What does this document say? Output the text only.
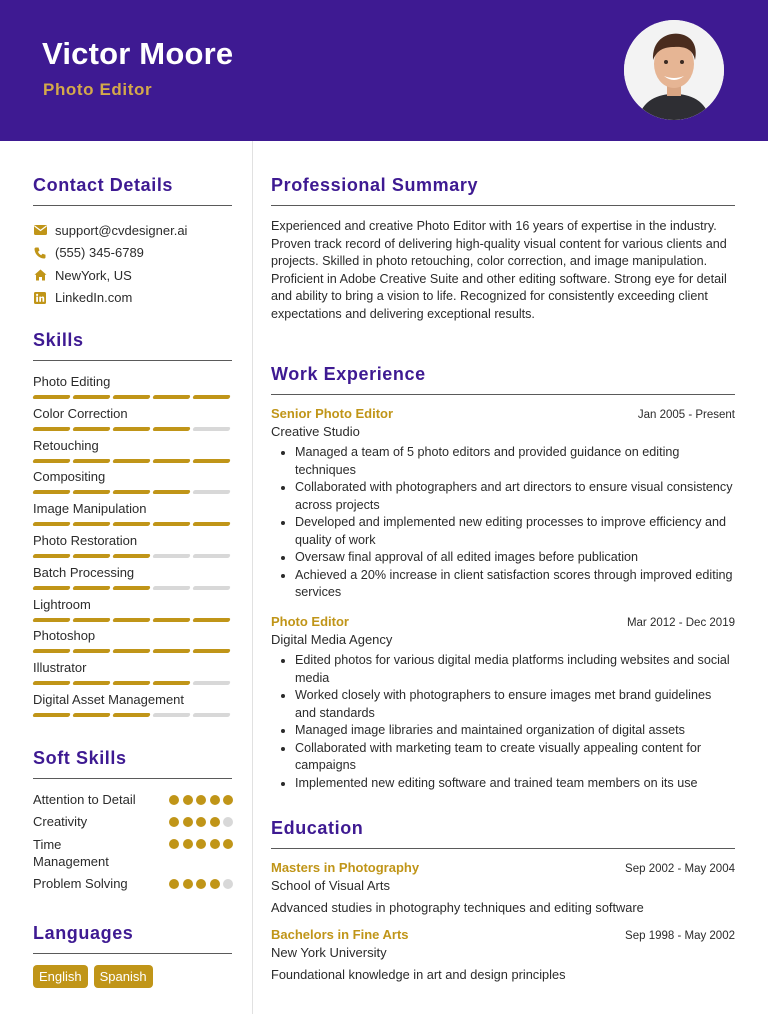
Victor Moore
Photo Editor
Contact Details
support@cvdesigner.ai
(555) 345-6789
NewYork, US
LinkedIn.com
Skills
Photo Editing
Color Correction
Retouching
Compositing
Image Manipulation
Photo Restoration
Batch Processing
Lightroom
Photoshop
Illustrator
Digital Asset Management
Soft Skills
Attention to Detail
Creativity
Time Management
Problem Solving
Languages
English	Spanish
Professional Summary

Experienced and creative Photo Editor with 16 years of expertise in the industry. Proven track record of delivering high-quality visual content for various clients and projects. Skilled in photo retouching, color correction, and image manipulation. Proficient in Adobe Creative Suite and other editing software. Strong eye for detail and ability to bring a vision to life. Recognized for consistently exceeding client expectations and delivering exceptional results.

Work Experience
Senior Photo Editor	Jan 2005 - Present
Creative Studio
• Managed a team of 5 photo editors and provided guidance on editing techniques
• Collaborated with photographers and art directors to ensure visual consistency across projects
• Developed and implemented new editing processes to improve efficiency and quality of work
• Oversaw final approval of all edited images before publication
• Achieved a 20% increase in client satisfaction scores through improved editing services
Photo Editor	Mar 2012 - Dec 2019
Digital Media Agency
• Edited photos for various digital media platforms including websites and social media
• Worked closely with photographers to ensure images met brand guidelines and standards
• Managed image libraries and maintained organization of digital assets
• Collaborated with marketing team to create visually appealing content for campaigns
• Implemented new editing software and trained team members on its use
Education
Masters in Photography	Sep 2002 - May 2004
School of Visual Arts
Advanced studies in photography techniques and editing software
Bachelors in Fine Arts	Sep 1998 - May 2002
New York University
Foundational knowledge in art and design principles
